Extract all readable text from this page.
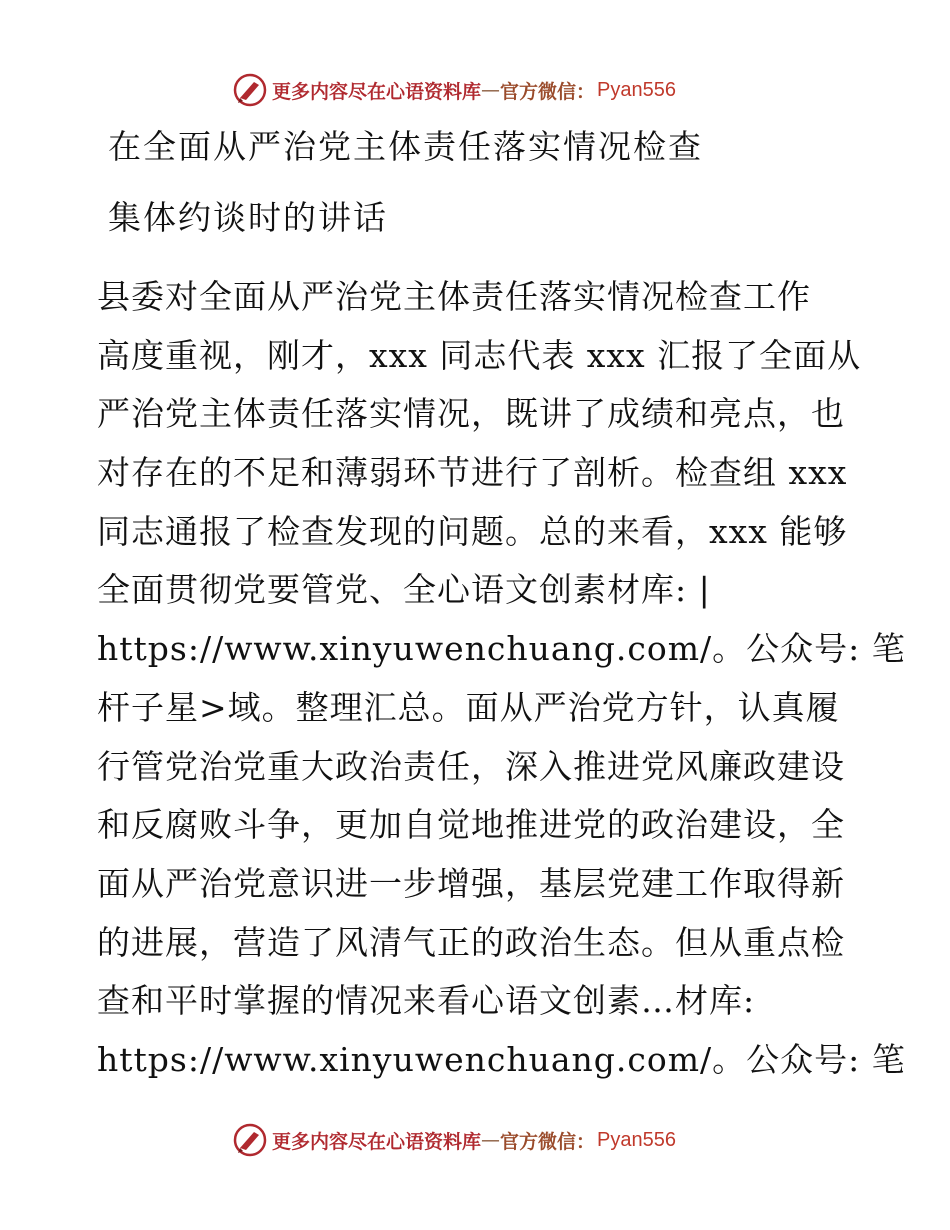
更多内容尽在心语资料库 — 官方微信： Pyan556
在全面从严治党主体责任落实情况检查
集体约谈时的讲话
县委对全面从严治党主体责任落实情况检查工作
高度重视，刚才，xxx 同志代表 xxx 汇报了全面从
严治党主体责任落实情况，既讲了成绩和亮点，也
对存在的不足和薄弱环节进行了剖析。检查组 xxx
同志通报了检查发现的问题。总的来看，xxx 能够
全面贯彻党要管党、全心语文创素材库: |
https://www.xinyuwenchuang.com/。公众号: 笔
杆子星>域。整理汇总。面从严治党方针，认真履
行管党治党重大政治责任，深入推进党风廉政建设
和反腐败斗争，更加自觉地推进党的政治建设，全
面从严治党意识进一步增强，基层党建工作取得新
的进展，营造了风清气正的政治生态。但从重点检
查和平时掌握的情况来看心语文创素…材库:
https://www.xinyuwenchuang.com/。公众号: 笔
更多内容尽在心语资料库 — 官方微信： Pyan556
